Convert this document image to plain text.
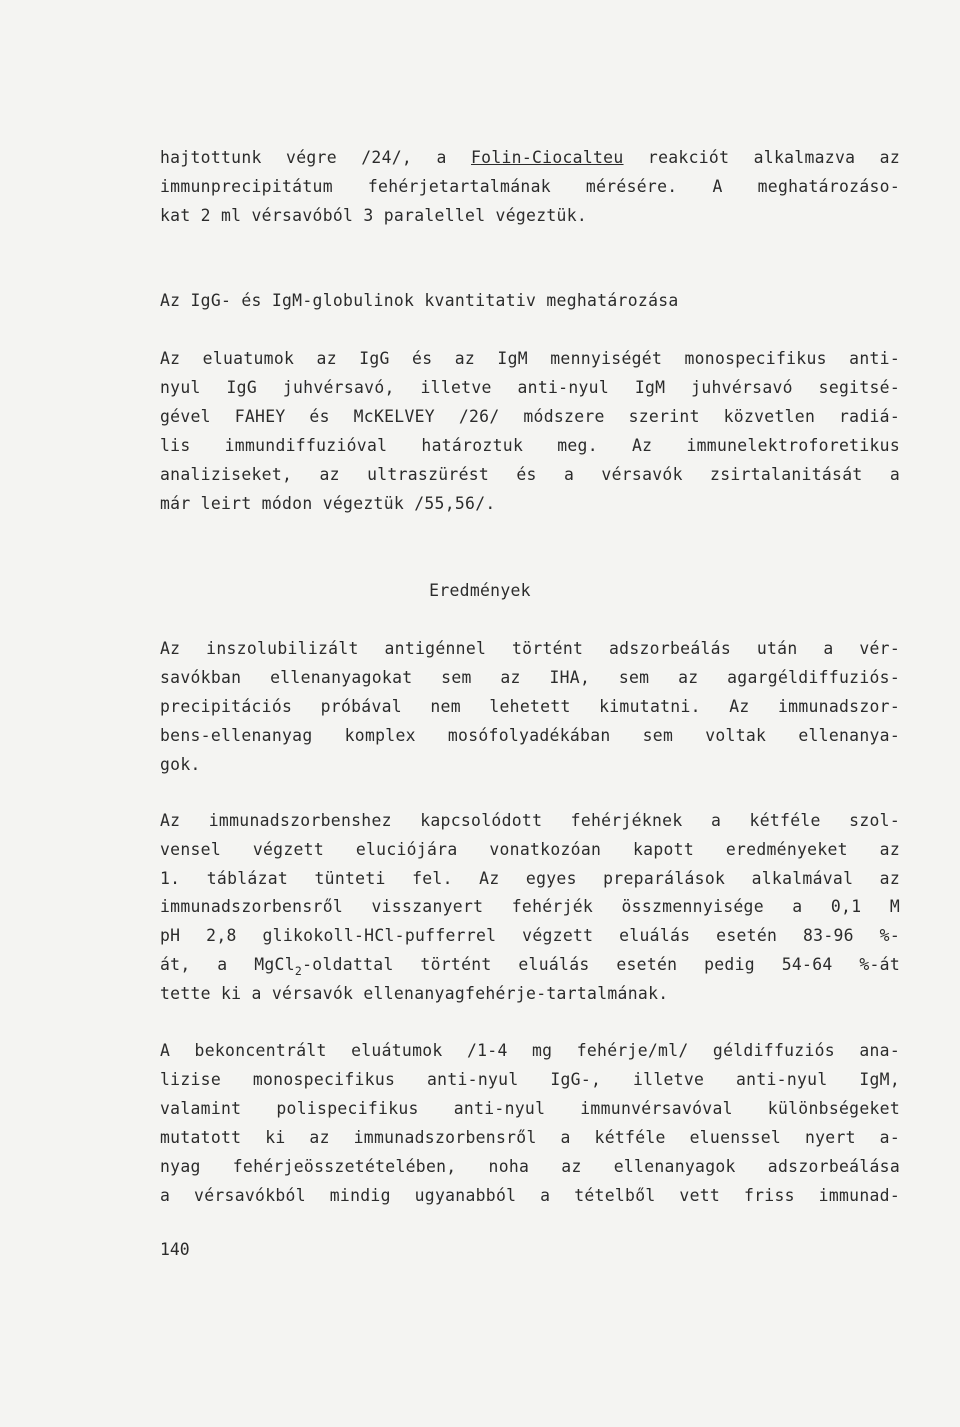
hajtottunk végre /24/, a Folin-Ciocalteu reakciót alkalmazva az
immunprecipitátum fehérjetartalmának mérésére. A meghatározáso-
kat 2 ml vérsavóból 3 paralellel végeztük.
Az IgG- és IgM-globulinok kvantitativ meghatározása
Az eluatumok az IgG és az IgM mennyiségét monospecifikus anti-
nyul IgG juhvérsavó, illetve anti-nyul IgM juhvérsavó segitsé-
gével FAHEY és McKELVEY /26/ módszere szerint közvetlen radiá-
lis immundiffuzióval határoztuk meg. Az immunelektroforetikus
analiziseket, az ultraszürést és a vérsavók zsirtalanitását a
már leirt módon végeztük /55,56/.
Eredmények
Az inszolubilizált antigénnel történt adszorbeálás után a vér-
savókban ellenanyagokat sem az IHA, sem az agargéldiffuziós-
precipitációs próbával nem lehetett kimutatni. Az immunadszor-
bens-ellenanyag komplex mosófolyadékában sem voltak ellenanya-
gok.
Az immunadszorbenshez kapcsolódott fehérjéknek a kétféle szol-
vensel végzett eluciójára vonatkozóan kapott eredményeket az
1. táblázat tünteti fel. Az egyes preparálások alkalmával az
immunadszorbensről visszanyert fehérjék összmennyisége a 0,1 M
pH 2,8 glikokoll-HCl-pufferrel végzett eluálás esetén 83-96 %-
át, a MgCl$_2$-oldattal történt eluálás esetén pedig 54-64 %-át
tette ki a vérsavók ellenanyagfehérje-tartalmának.
A bekoncentrált eluátumok /1-4 mg fehérje/ml/ géldiffuziós ana-
lizise monospecifikus anti-nyul IgG-, illetve anti-nyul IgM,
valamint polispecifikus anti-nyul immunvérsavóval különbségeket
mutatott ki az immunadszorbensről a kétféle eluenssel nyert a-
nyag fehérjeösszetételében, noha az ellenanyagok adszorbeálása
a vérsavókból mindig ugyanabból a tételből vett friss immunad-
140
